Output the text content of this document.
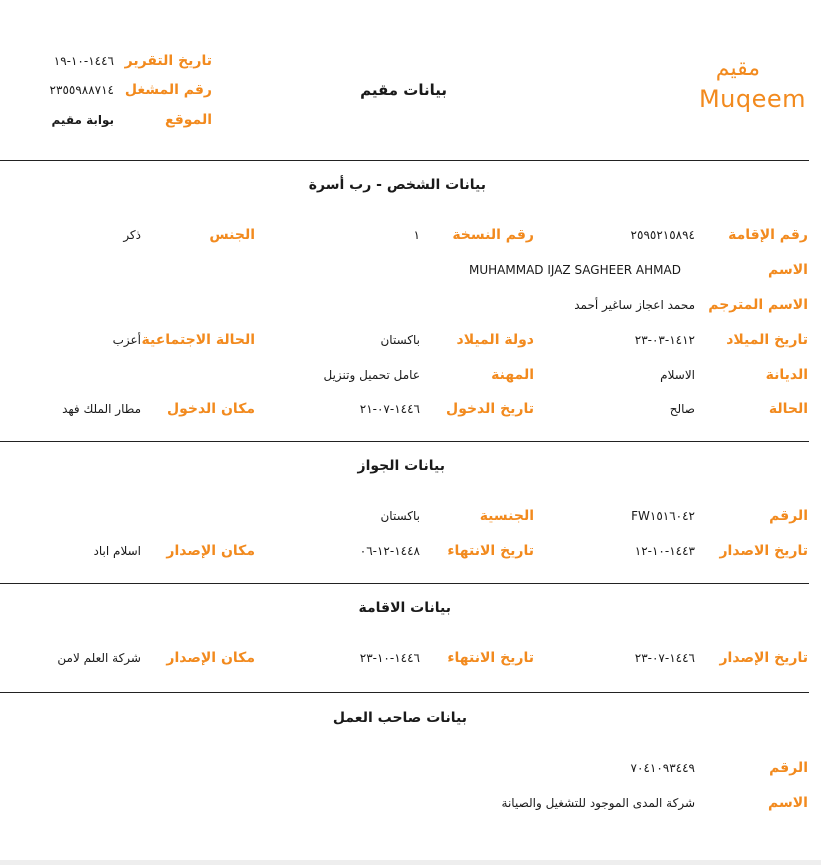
تاريخ التقرير
١٤٤٦-١٠-١٩
رقم المشغل
٢٣٥٥٩٨٨٧١٤
الموقع
بوابة مقيم
بيانات مقيم
مقيم
Muqeem
بيانات الشخص - رب أسرة
رقم الإقامة
٢٥٩٥٢١٥٨٩٤
رقم النسخة
١
الجنس
ذكر
الاسم
MUHAMMAD IJAZ SAGHEER AHMAD
الاسم المترجم
محمد اعجاز ساغير أحمد
تاريخ الميلاد
١٤١٢-٠٣-٢٣
دولة الميلاد
باكستان
الحالة الاجتماعية
أعزب
الديانة
الاسلام
المهنة
عامل تحميل وتنزيل
الحالة
صالح
تاريخ الدخول
١٤٤٦-٠٧-٢١
مكان الدخول
مطار الملك فهد
بيانات الجواز
الرقم
FW١٥١٦٠٤٢
الجنسية
باكستان
تاريخ الاصدار
١٤٤٣-١٠-١٢
تاريخ الانتهاء
١٤٤٨-١٢-٠٦
مكان الإصدار
اسلام اباد
بيانات الاقامة
تاريخ الإصدار
١٤٤٦-٠٧-٢٣
تاريخ الانتهاء
١٤٤٦-١٠-٢٣
مكان الإصدار
شركة العلم لامن
بيانات صاحب العمل
الرقم
٧٠٤١٠٩٣٤٤٩
الاسم
شركة المدى الموجود للتشغيل والصيانة
